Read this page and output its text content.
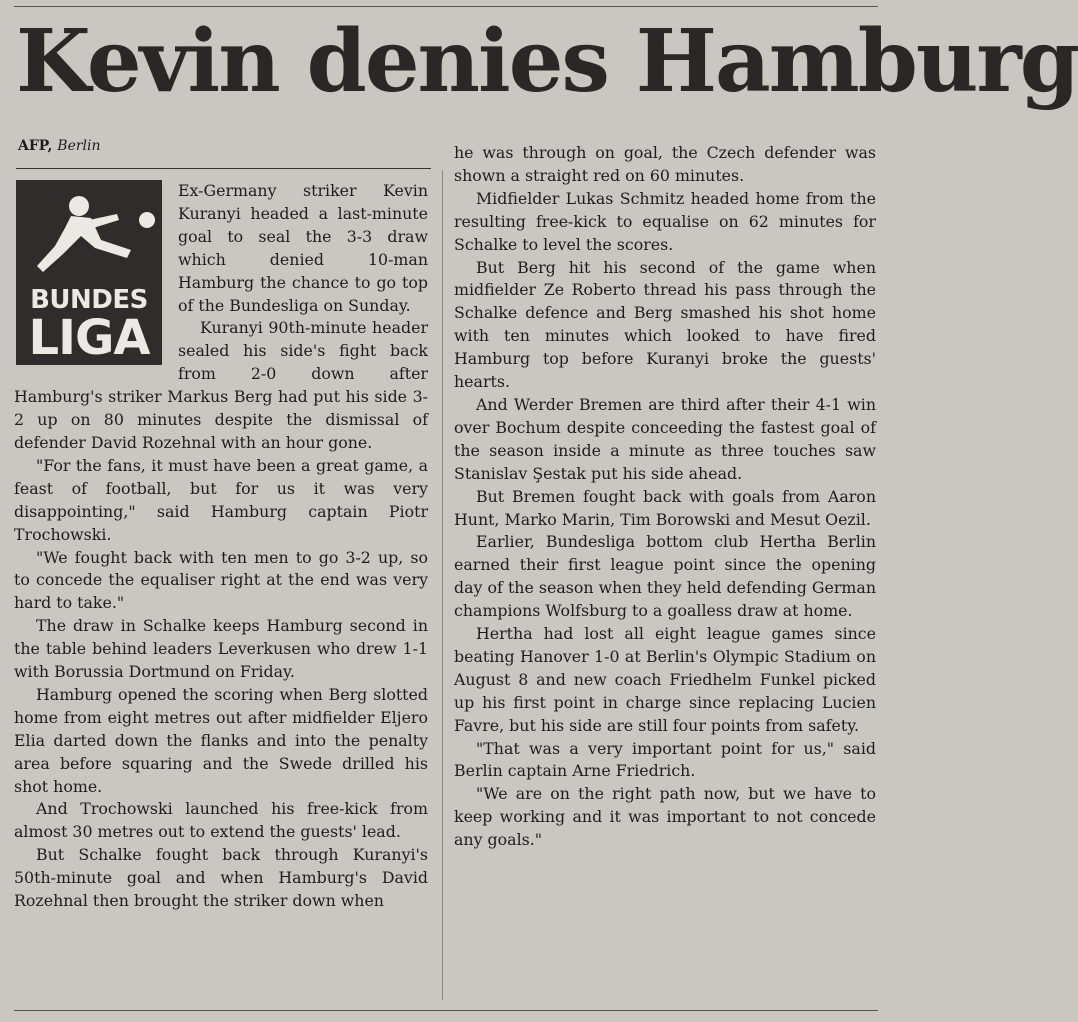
Kevin denies Hamburg
AFP, Berlin
BUNDES
LIGA

Ex-Germany striker Kevin Kuranyi headed a last-minute goal to seal the 3-3 draw which denied 10-man Hamburg the chance to go top of the Bundesliga on Sunday.

Kuranyi 90th-minute header sealed his side's fight back from 2-0 down after Hamburg's striker Markus Berg had put his side 3-2 up on 80 minutes despite the dismissal of defender David Rozehnal with an hour gone.

"For the fans, it must have been a great game, a feast of football, but for us it was very disappointing," said Hamburg captain Piotr Trochowski.

"We fought back with ten men to go 3-2 up, so to concede the equaliser right at the end was very hard to take."

The draw in Schalke keeps Hamburg second in the table behind leaders Leverkusen who drew 1-1 with Borussia Dortmund on Friday.

Hamburg opened the scoring when Berg slotted home from eight metres out after midfielder Eljero Elia darted down the flanks and into the penalty area before squaring and the Swede drilled his shot home.

And Trochowski launched his free-kick from almost 30 metres out to extend the guests' lead.

But Schalke fought back through Kuranyi's 50th-minute goal and when Hamburg's David Rozehnal then brought the striker down when

he was through on goal, the Czech defender was shown a straight red on 60 minutes.

Midfielder Lukas Schmitz headed home from the resulting free-kick to equalise on 62 minutes for Schalke to level the scores.

But Berg hit his second of the game when midfielder Ze Roberto thread his pass through the Schalke defence and Berg smashed his shot home with ten minutes which looked to have fired Hamburg top before Kuranyi broke the guests' hearts.

And Werder Bremen are third after their 4-1 win over Bochum despite conceeding the fastest goal of the season inside a minute as three touches saw Stanislav Şestak put his side ahead.

But Bremen fought back with goals from Aaron Hunt, Marko Marin, Tim Borowski and Mesut Oezil.

Earlier, Bundesliga bottom club Hertha Berlin earned their first league point since the opening day of the season when they held defending German champions Wolfsburg to a goalless draw at home.

Hertha had lost all eight league games since beating Hanover 1-0 at Berlin's Olympic Stadium on August 8 and new coach Friedhelm Funkel picked up his first point in charge since replacing Lucien Favre, but his side are still four points from safety.

"That was a very important point for us," said Berlin captain Arne Friedrich.

"We are on the right path now, but we have to keep working and it was important to not concede any goals."
